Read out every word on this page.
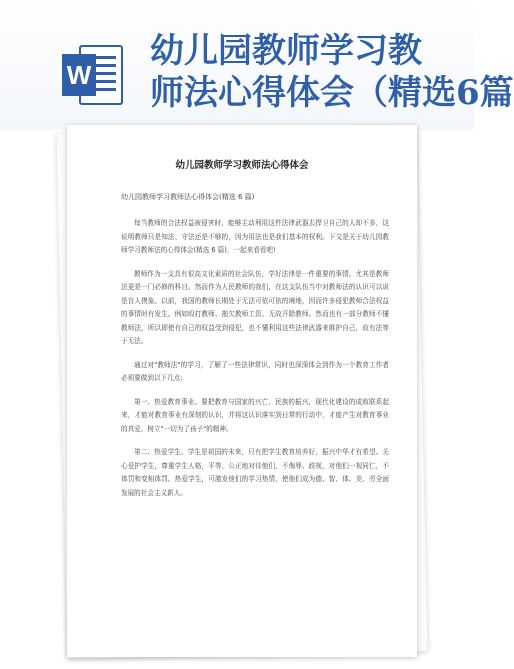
W
幼儿园教师学习教
师法心得体会（精选6篇
幼儿园教师学习教师法心得体会
幼儿园教师学习教师法心得体会(精选 6 篇)

每当教师的合法权益被侵害时，能够主动利用这件法律武器去捍卫自己的人却不多，这说明教师只是知法、守法还是不够的，因为用法也是我们基本的权利。下文是关于幼儿园教师学习教师法的心得体会(精选 6 篇)，一起来看看吧!

教师作为一支具有很高文化素质的社会队伍，学好法律是一件重要的事情。尤其是教师法更是一门必修的科目。然而作为人民教师的我们，在这支队伍当中对教师法的认识可以说是盲人摸象。以前，我国的教师长期处于无法可依可依的境地，因而许多侵犯教师合法权益的事情时有发生。例如殴打教师、拖欠教师工资、无故开除教师。然而也有一部分教师不懂教师法，所以即使有自己的权益受到侵犯，也不懂利用这些法律武器来维护自己，故有法等于无法。

通过对"教师法"的学习，了解了一些法律常识，同时也深深体会到作为一个教育工作者必须要做到以下几点:

第一、热爱教育事业。要把教育与国家的兴亡、民族的振兴，现代化建设的成败联系起来，才能对教育事业有深刻的认识，并将这认识落实到日常的行动中，才能产生对教育事业的真爱，树立"一切为了孩子"的精神。

第二、热爱学生。学生是祖国的未来，只有把学生教育培养好，振兴中华才有希望。关心爱护学生，尊重学生人格，平等、公正地对待他们，不侮辱、歧视，对他们一视同仁，不体罚和变相体罚。热爱学生，可激发他们的学习热情，使他们成为德、智、体、美、劳全面发展的社会主义新人。
